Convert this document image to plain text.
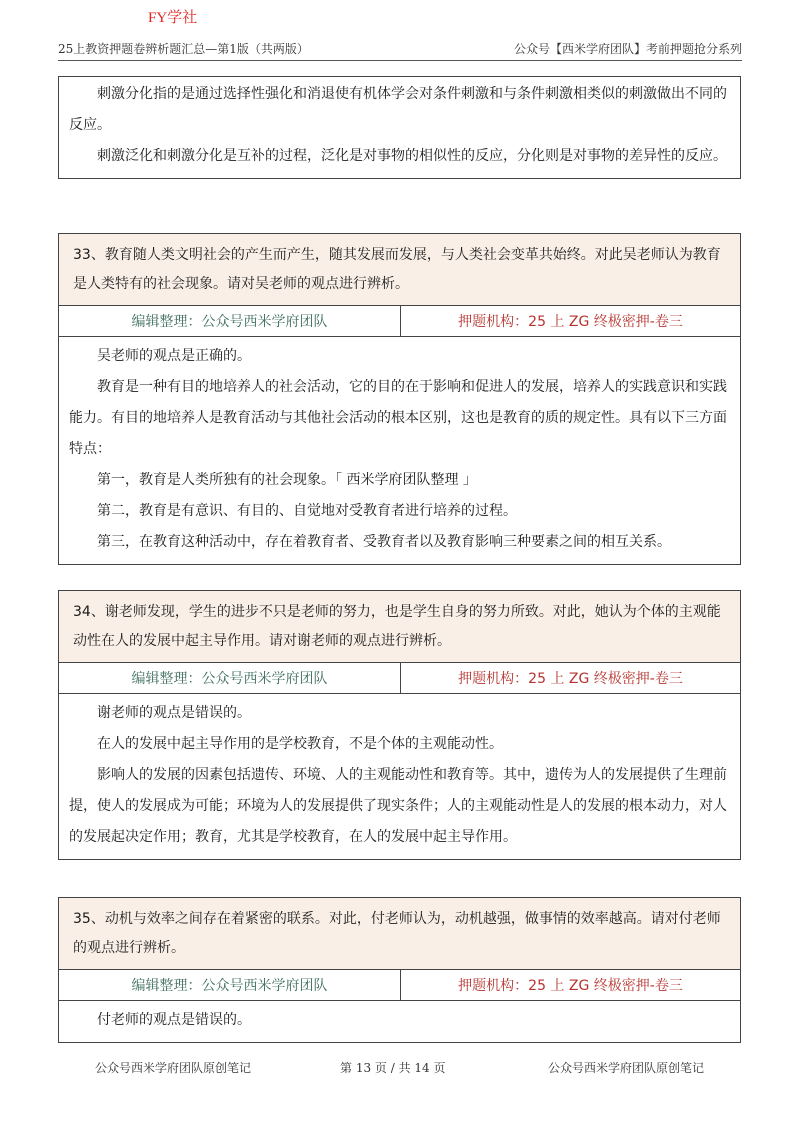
FY学社
25上教资押题卷辨析题汇总—第1版（共两版）	公众号【西米学府团队】考前押题抢分系列

刺激分化指的是通过选择性强化和消退使有机体学会对条件刺激和与条件刺激相类似的刺激做出不同的反应。

刺激泛化和刺激分化是互补的过程，泛化是对事物的相似性的反应，分化则是对事物的差异性的反应。

33、教育随人类文明社会的产生而产生，随其发展而发展，与人类社会变革共始终。对此吴老师认为教育是人类特有的社会现象。请对吴老师的观点进行辨析。
编辑整理：公众号西米学府团队	押题机构：25 上 ZG 终极密押-卷三

吴老师的观点是正确的。

教育是一种有目的地培养人的社会活动，它的目的在于影响和促进人的发展，培养人的实践意识和实践能力。有目的地培养人是教育活动与其他社会活动的根本区别，这也是教育的质的规定性。具有以下三方面特点：

第一，教育是人类所独有的社会现象。「 西米学府团队整理 」

第二，教育是有意识、有目的、自觉地对受教育者进行培养的过程。

第三，在教育这种活动中，存在着教育者、受教育者以及教育影响三种要素之间的相互关系。

34、谢老师发现，学生的进步不只是老师的努力，也是学生自身的努力所致。对此，她认为个体的主观能动性在人的发展中起主导作用。请对谢老师的观点进行辨析。
编辑整理：公众号西米学府团队	押题机构：25 上 ZG 终极密押-卷三

谢老师的观点是错误的。

在人的发展中起主导作用的是学校教育，不是个体的主观能动性。

影响人的发展的因素包括遗传、环境、人的主观能动性和教育等。其中，遗传为人的发展提供了生理前提，使人的发展成为可能；环境为人的发展提供了现实条件；人的主观能动性是人的发展的根本动力，对人的发展起决定作用；教育，尤其是学校教育，在人的发展中起主导作用。

35、动机与效率之间存在着紧密的联系。对此，付老师认为，动机越强，做事情的效率越高。请对付老师的观点进行辨析。
编辑整理：公众号西米学府团队	押题机构：25 上 ZG 终极密押-卷三

付老师的观点是错误的。

公众号西米学府团队原创笔记	第 13 页 / 共 14 页	公众号西米学府团队原创笔记
